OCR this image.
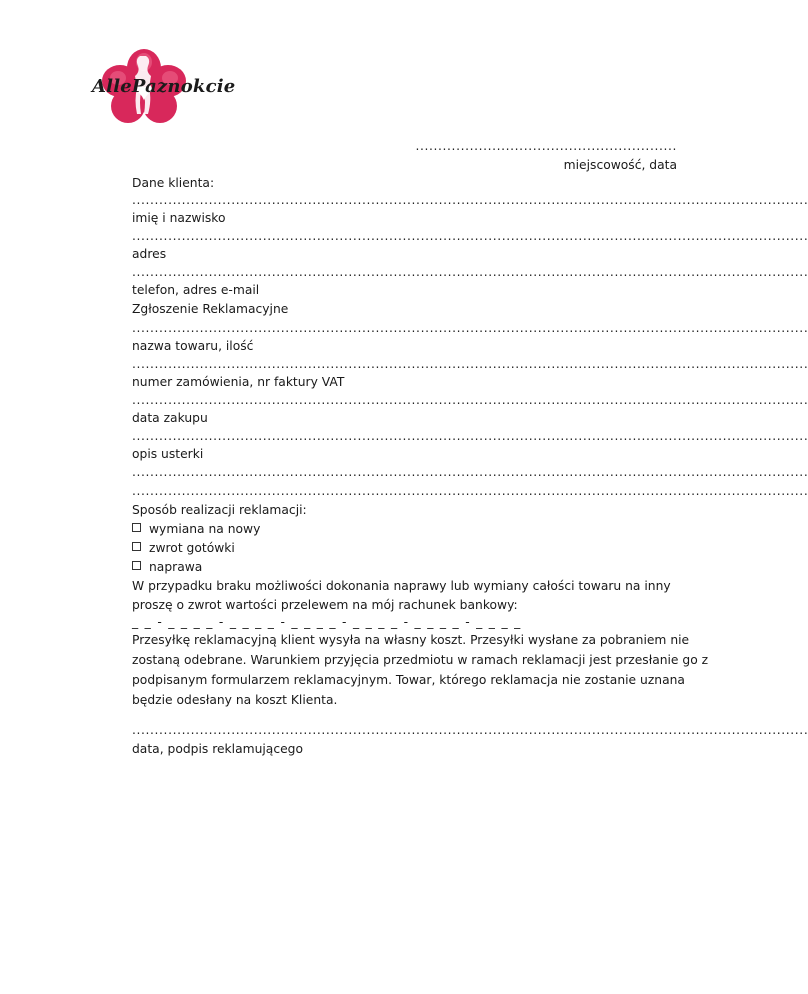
AllePaznokcie
..........................................................
miejscowość, data
Dane klienta:
......................................................................................................................................................
imię i nazwisko
......................................................................................................................................................
adres
......................................................................................................................................................
telefon, adres e-mail
Zgłoszenie Reklamacyjne
......................................................................................................................................................
nazwa towaru, ilość
......................................................................................................................................................
numer zamówienia, nr faktury VAT
......................................................................................................................................................
data zakupu
......................................................................................................................................................
opis usterki
......................................................................................................................................................
......................................................................................................................................................
Sposób realizacji reklamacji:
wymiana na nowy
zwrot gotówki
naprawa
W przypadku braku możliwości dokonania naprawy lub wymiany całości towaru na inny
proszę o zwrot wartości przelewem na mój rachunek bankowy:
_ _ - _ _ _ _ - _ _ _ _ - _ _ _ _ - _ _ _ _ - _ _ _ _ - _ _ _ _
Przesyłkę reklamacyjną klient wysyła na własny koszt. Przesyłki wysłane za pobraniem nie
zostaną odebrane. Warunkiem przyjęcia przedmiotu w ramach reklamacji jest przesłanie go z
podpisanym formularzem reklamacyjnym. Towar, którego reklamacja nie zostanie uznana
będzie odesłany na koszt Klienta.
......................................................................................................................................................
data, podpis reklamującego
